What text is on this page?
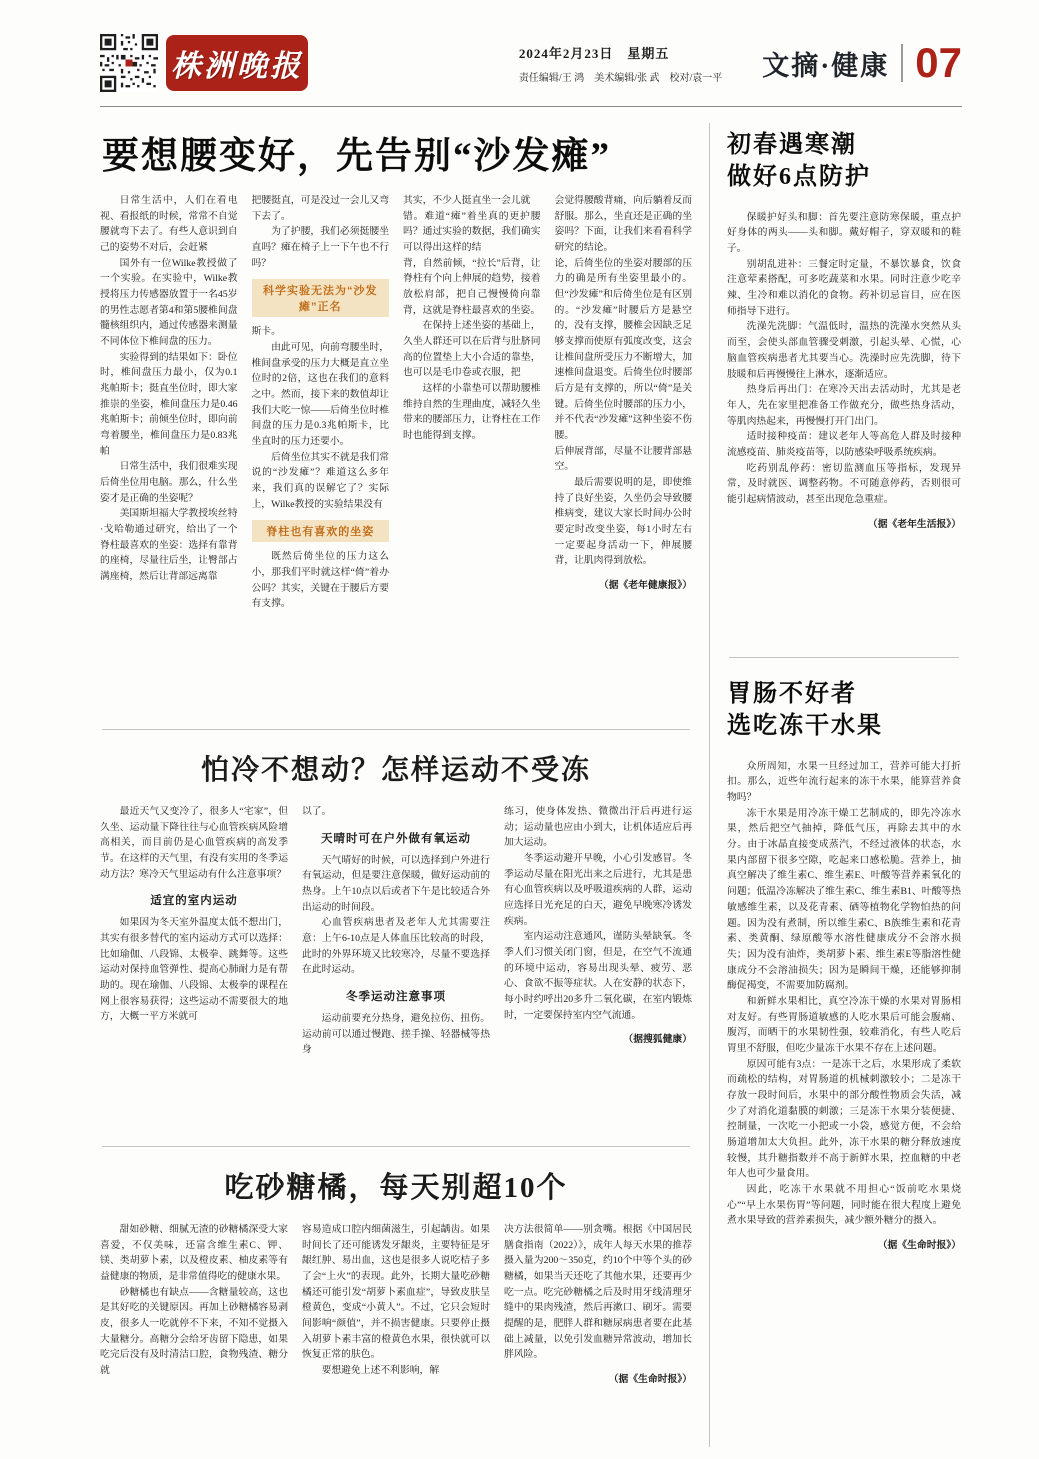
株洲晚报	2024年2月23日　星期五
责任编辑/王 鸿　美术编辑/张 武　校对/袁一平 文摘·健康 07
要想腰变好，先告别“沙发瘫”

日常生活中，人们在看电视、看报纸的时候，常常不自觉腰就弯下去了。有些人意识到自己的姿势不对后，会赶紧

国外有一位Wilke教授做了一个实验。在实验中，Wilke教授将压力传感器放置于一名45岁的男性志愿者第4和第5腰椎间盘髓核组织内，通过传感器来测量不同体位下椎间盘的压力。

实验得到的结果如下：卧位时，椎间盘压力最小，仅为0.1兆帕斯卡；挺直坐位时，即大家推崇的坐姿，椎间盘压力是0.46兆帕斯卡；前倾坐位时，即向前弯着腰坐，椎间盘压力是0.83兆帕

日常生活中，我们很难实现后倚坐位用电脑。那么，什么坐姿才是正确的坐姿呢？

美国斯坦福大学教授埃丝特·戈哈勒通过研究，给出了一个脊柱最喜欢的坐姿：选择有靠背的座椅，尽量往后坐，让臀部占满座椅，然后让背部远离靠

把腰挺直，可是没过一会儿又弯下去了。

为了护腰，我们必须挺腰坐直吗？瘫在椅子上一下午也不行吗？

科学实验无法为“沙发瘫”正名

斯卡。

由此可见，向前弯腰坐时，椎间盘承受的压力大概是直立坐位时的2倍，这也在我们的意料之中。然而，接下来的数值却让我们大吃一惊——后倚坐位时椎间盘的压力是0.3兆帕斯卡，比坐直时的压力还要小。

后倚坐位其实不就是我们常说的“沙发瘫”？难道这么多年来，我们真的误解它了？实际上，Wilke教授的实验结果没有

脊柱也有喜欢的坐姿

既然后倚坐位的压力这么小，那我们平时就这样“倚”着办公吗？其实，关键在于腰后方要有支撑。

其实，不少人挺直坐一会儿就

错。难道“瘫”着坐真的更护腰吗？通过实验的数据，我们确实可以得出这样的结

背，自然前倾，“拉长”后背，让脊柱有个向上伸展的趋势，接着放松肩部，把自己慢慢倚向靠背，这就是脊柱最喜欢的坐姿。

在保持上述坐姿的基础上，久坐人群还可以在后背与肚脐同高的位置垫上大小合适的靠垫，也可以是毛巾卷或衣服，把

这样的小靠垫可以帮助腰椎维持自然的生理曲度，减轻久坐带来的腰部压力，让脊柱在工作时也能得到支撑。

会觉得腰酸背痛，向后躺着反而舒服。那么，坐直还是正确的坐姿吗？下面，让我们来看看科学研究的结论。

论，后倚坐位的坐姿对腰部的压力的确是所有坐姿里最小的。但“沙发瘫”和后倚坐位是有区别的。“沙发瘫”时腰后方是悬空的，没有支撑，腰椎会因缺乏足够支撑而使原有弧度改变，这会让椎间盘所受压力不断增大，加速椎间盘退变。后倚坐位时腰部后方是有支撑的，所以“倚”是关键。后倚坐位时腰部的压力小，并不代表“沙发瘫”这种坐姿不伤腰。

后伸展背部，尽量不让腰背部悬空。

最后需要说明的是，即使维持了良好坐姿，久坐仍会导致腰椎病变，建议大家长时间办公时要定时改变坐姿，每1小时左右一定要起身活动一下，伸展腰背，让肌肉得到放松。

（据《老年健康报》）
怕冷不想动？怎样运动不受冻

最近天气又变冷了，很多人“宅家”，但久坐、运动量下降往往与心血管疾病风险增高相关，而目前仍是心血管疾病的高发季节。在这样的天气里，有没有实用的冬季运动方法？寒冷天气里运动有什么注意事项？

适宜的室内运动

如果因为冬天室外温度太低不想出门，其实有很多替代的室内运动方式可以选择：比如瑜伽、八段锦、太极拳、跳舞等。这些运动对保持血管弹性、提高心肺耐力是有帮助的。现在瑜伽、八段锦、太极拳的课程在网上很容易获得；这些运动不需要很大的地方，大概一平方米就可

以了。

天晴时可在户外做有氧运动

天气晴好的时候，可以选择到户外进行有氧运动，但是要注意保暖，做好运动前的热身。上午10点以后或者下午是比较适合外出运动的时间段。

心血管疾病患者及老年人尤其需要注意：上午6-10点是人体血压比较高的时段，此时的外界环境又比较寒冷，尽量不要选择在此时运动。

冬季运动注意事项

运动前要充分热身，避免拉伤、扭伤。运动前可以通过慢跑、搓手操、轻器械等热身

练习，使身体发热、微微出汗后再进行运动；运动量也应由小到大，让机体适应后再加大运动。

冬季运动避开早晚，小心引发感冒。冬季运动尽量在阳光出来之后进行，尤其是患有心血管疾病以及呼吸道疾病的人群，运动应选择日光充足的白天，避免早晚寒冷诱发疾病。

室内运动注意通风，谨防头晕缺氧。冬季人们习惯关闭门窗，但是，在空气不流通的环境中运动，容易出现头晕、疲劳、恶心、食欲不振等症状。人在安静的状态下，每小时约呼出20多升二氧化碳，在室内锻炼时，一定要保持室内空气流通。

（据搜狐健康）
吃砂糖橘，每天别超10个

甜如砂糖、细腻无渣的砂糖橘深受大家喜爱，不仅美味，还富含维生素C、钾、镁、类胡萝卜素，以及橙皮素、柚皮素等有益健康的物质，是非常值得吃的健康水果。

砂糖橘也有缺点——含糖量较高，这也是其好吃的关键原因。再加上砂糖橘容易剥皮，很多人一吃就停不下来，不知不觉摄入大量糖分。高糖分会给牙齿留下隐患，如果吃完后没有及时清洁口腔，食物残渣、糖分就

容易造成口腔内细菌滋生，引起龋齿。如果时间长了还可能诱发牙龈炎，主要特征是牙龈红肿、易出血，这也是很多人说吃桔子多了会“上火”的表现。此外，长期大量吃砂糖橘还可能引发“胡萝卜素血症”，导致皮肤呈橙黄色，变成“小黄人”。不过，它只会短时间影响“颜值”，并不损害健康。只要停止摄入胡萝卜素丰富的橙黄色水果，很快就可以恢复正常的肤色。

要想避免上述不利影响，解

决方法很简单——别贪嘴。根据《中国居民膳食指南（2022）》，成年人每天水果的推荐摄入量为200～350克，约10个中等个头的砂糖橘，如果当天还吃了其他水果，还要再少吃一点。吃完砂糖橘之后及时用牙线清理牙缝中的果肉残渣，然后再漱口、刷牙。需要提醒的是，肥胖人群和糖尿病患者要在此基础上减量，以免引发血糖异常波动，增加长胖风险。

（据《生命时报》）
初春遇寒潮
做好6点防护

保暖护好头和脚：首先要注意防寒保暖，重点护好身体的两头——头和脚。戴好帽子，穿双暖和的鞋子。

别胡乱进补：三餐定时定量，不暴饮暴食，饮食注意荤素搭配，可多吃蔬菜和水果。同时注意少吃辛辣、生冷和难以消化的食物。药补切忌盲目，应在医师指导下进行。

洗澡先洗脚：气温低时，温热的洗澡水突然从头而至，会使头部血管骤受刺激，引起头晕、心慌，心脑血管疾病患者尤其要当心。洗澡时应先洗脚，待下肢暖和后再慢慢往上淋水，逐渐适应。

热身后再出门：在寒冷天出去活动时，尤其是老年人，先在家里把准备工作做充分，做些热身活动，等肌肉热起来，再慢慢打开门出门。

适时接种疫苗：建议老年人等高危人群及时接种流感疫苗、肺炎疫苗等，以防感染呼吸系统疾病。

吃药别乱停药：密切监测血压等指标，发现异常，及时就医、调整药物。不可随意停药，否则很可能引起病情波动，甚至出现危急重症。

（据《老年生活报》）
胃肠不好者
选吃冻干水果

众所周知，水果一旦经过加工，营养可能大打折扣。那么，近些年流行起来的冻干水果，能算营养食物吗？

冻干水果是用冷冻干燥工艺制成的，即先冷冻水果，然后把空气抽掉，降低气压，再除去其中的水分。由于冰晶直接变成蒸汽，不经过液体的状态，水果内部留下很多空隙，吃起来口感松脆。营养上，抽真空解决了维生素C、维生素E、叶酸等营养素氧化的问题；低温冷冻解决了维生素C、维生素B1、叶酸等热敏感维生素，以及花青素、硒等植物化学物怕热的问题。因为没有煮制，所以维生素C、B族维生素和花青素、类黄酮、绿原酸等水溶性健康成分不会溶水损失；因为没有油炸，类胡萝卜素、维生素E等脂溶性健康成分不会溶油损失；因为是瞬间干燥，还能够抑制酶促褐变，不需要加防腐剂。

和新鲜水果相比，真空冷冻干燥的水果对胃肠相对友好。有些胃肠道敏感的人吃水果后可能会腹痛、腹泻，而晒干的水果韧性强，较难消化，有些人吃后胃里不舒服，但吃少量冻干水果不存在上述问题。

原因可能有3点：一是冻干之后，水果形成了柔软而疏松的结构，对胃肠道的机械刺激较小；二是冻干存放一段时间后，水果中的部分酸性物质会失活，减少了对消化道黏膜的刺激；三是冻干水果分装便捷、控制量，一次吃一小把或一小袋，感觉方便，不会给肠道增加太大负担。此外，冻干水果的糖分释放速度较慢，其升糖指数并不高于新鲜水果，控血糖的中老年人也可少量食用。

因此，吃冻干水果就不用担心“饭前吃水果烧心”“早上水果伤胃”等问题，同时能在很大程度上避免煮水果导致的营养素损失，减少额外糖分的摄入。

（据《生命时报》）
